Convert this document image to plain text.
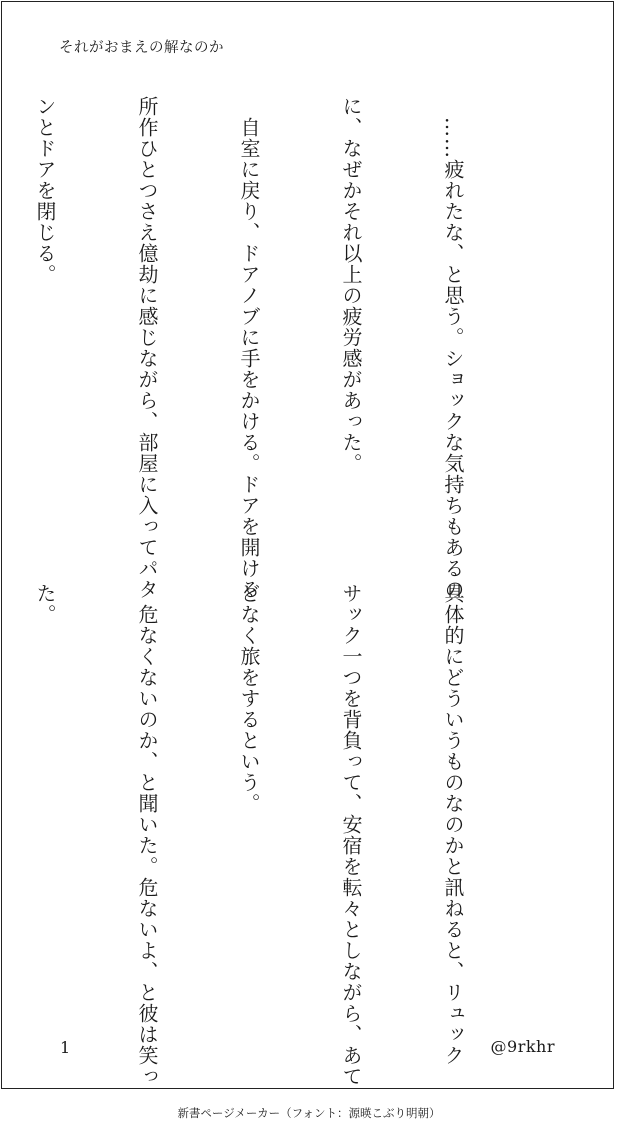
それがおまえの解なのか

　……疲れたな、と思う。ショックな気持ちもあるの

に、なぜかそれ以上の疲労感があった。

　自室に戻り、ドアノブに手をかける。ドアを開ける

所作ひとつさえ億劫に感じながら、部屋に入ってパタ

ンとドアを閉じる。

具体的にどういうものなのかと訊ねると、リュック

サック一つを背負って、安宿を転々としながら、あて

どなく旅をするという。

　危なくないのか、と聞いた。危ないよ、と彼は笑っ

た。

1	@9rkhr
新書ページメーカー（フォント：源暎こぶり明朝）
